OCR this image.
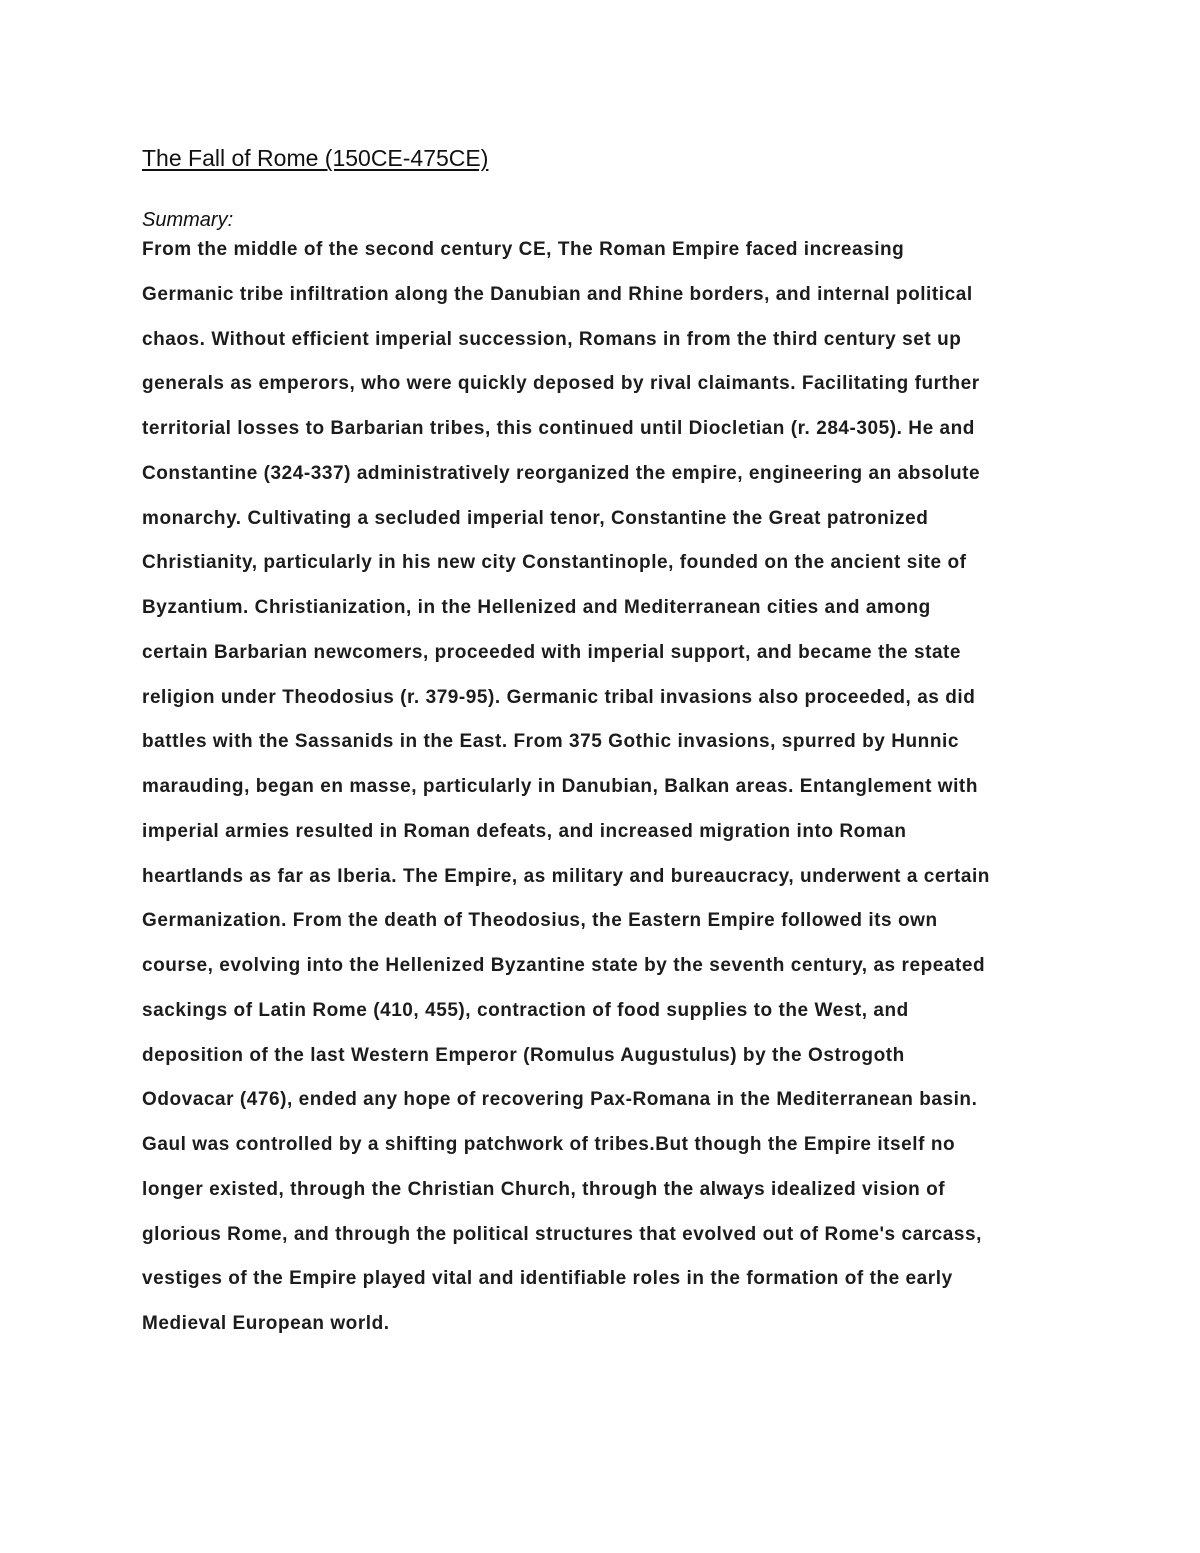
The Fall of Rome (150CE-475CE)
Summary:
From the middle of the second century CE, The Roman Empire faced increasing
Germanic tribe infiltration along the Danubian and Rhine borders, and internal political
chaos. Without efficient imperial succession, Romans in from the third century set up
generals as emperors, who were quickly deposed by rival claimants. Facilitating further
territorial losses to Barbarian tribes, this continued until Diocletian (r. 284-305). He and
Constantine (324-337) administratively reorganized the empire, engineering an absolute
monarchy. Cultivating a secluded imperial tenor, Constantine the Great patronized
Christianity, particularly in his new city Constantinople, founded on the ancient site of
Byzantium. Christianization, in the Hellenized and Mediterranean cities and among
certain Barbarian newcomers, proceeded with imperial support, and became the state
religion under Theodosius (r. 379-95). Germanic tribal invasions also proceeded, as did
battles with the Sassanids in the East. From 375 Gothic invasions, spurred by Hunnic
marauding, began en masse, particularly in Danubian, Balkan areas. Entanglement with
imperial armies resulted in Roman defeats, and increased migration into Roman
heartlands as far as Iberia. The Empire, as military and bureaucracy, underwent a certain
Germanization. From the death of Theodosius, the Eastern Empire followed its own
course, evolving into the Hellenized Byzantine state by the seventh century, as repeated
sackings of Latin Rome (410, 455), contraction of food supplies to the West, and
deposition of the last Western Emperor (Romulus Augustulus) by the Ostrogoth
Odovacar (476), ended any hope of recovering Pax-Romana in the Mediterranean basin.
Gaul was controlled by a shifting patchwork of tribes.But though the Empire itself no
longer existed, through the Christian Church, through the always idealized vision of
glorious Rome, and through the political structures that evolved out of Rome's carcass,
vestiges of the Empire played vital and identifiable roles in the formation of the early
Medieval European world.
